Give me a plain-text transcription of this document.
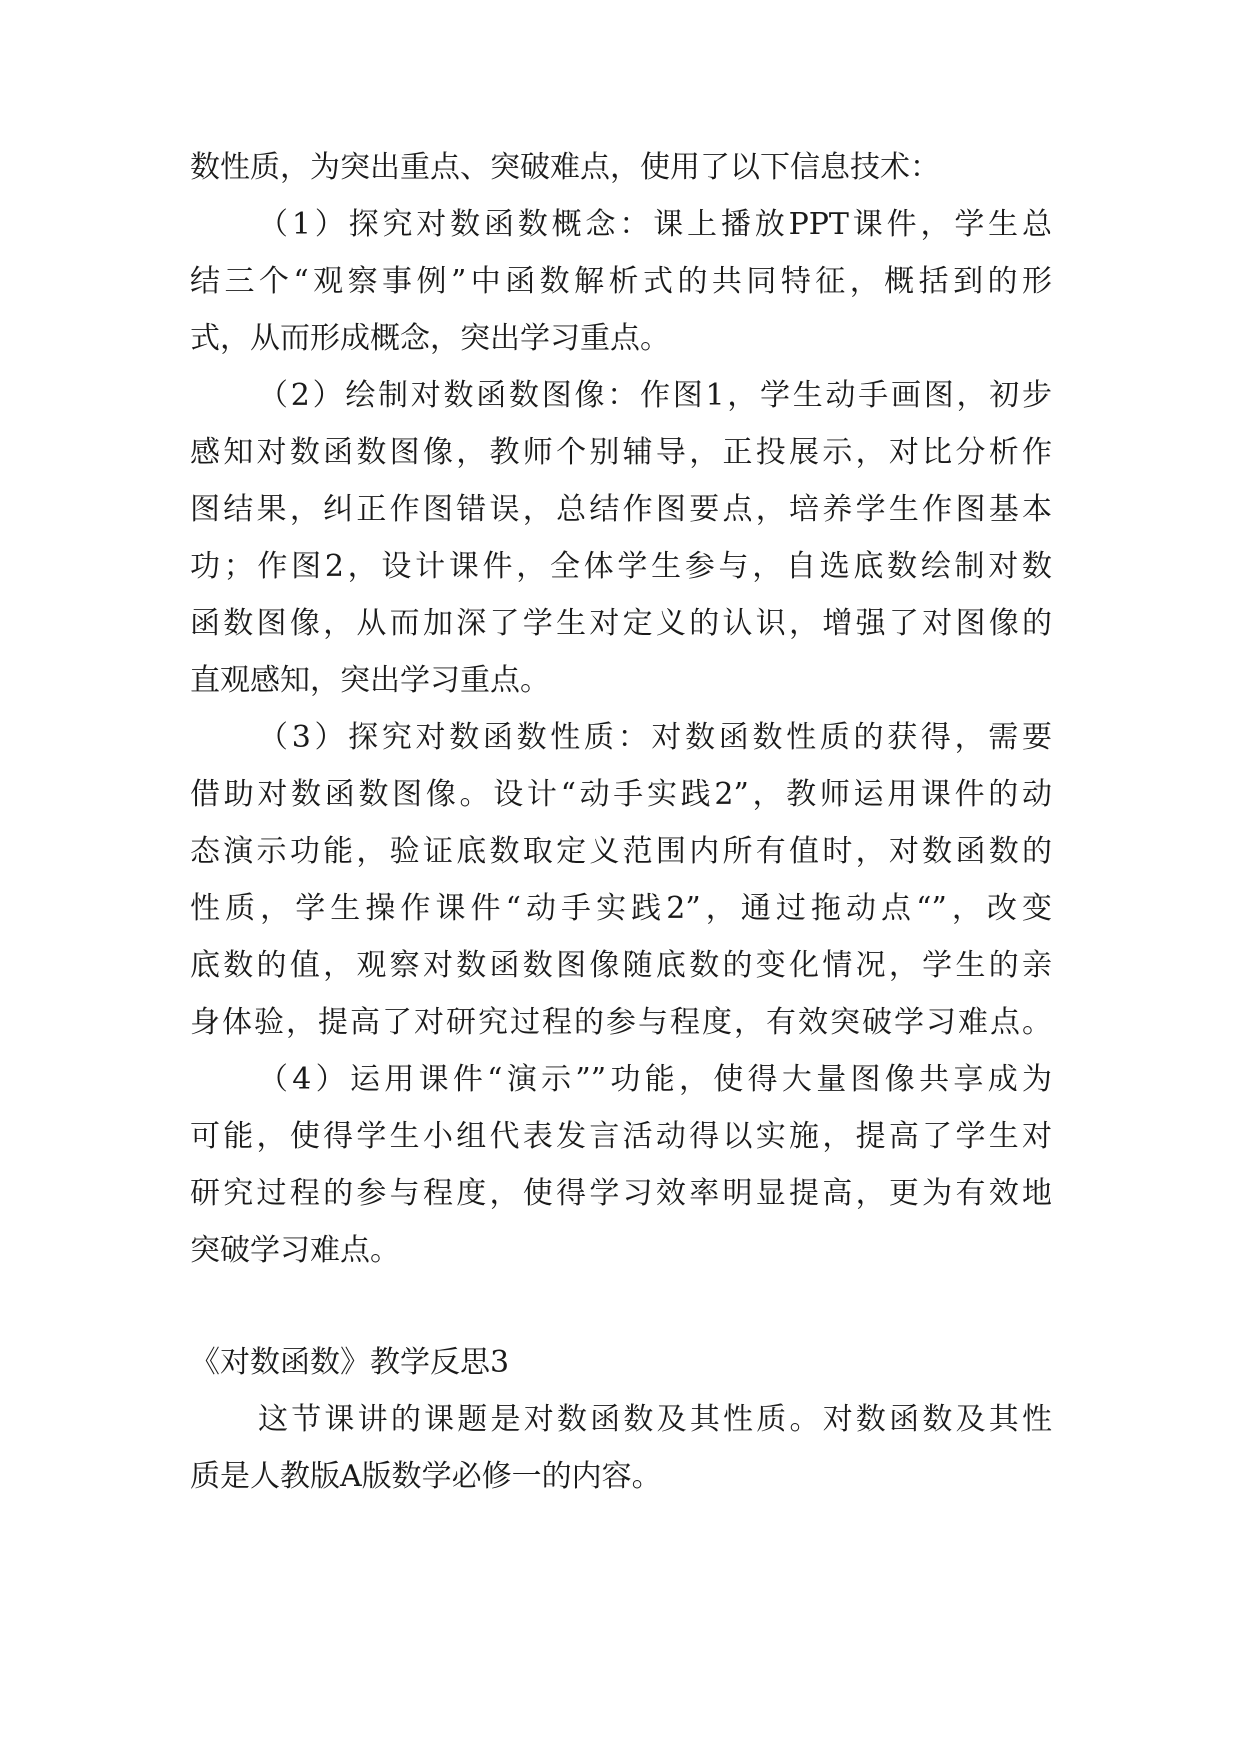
数性质，为突出重点、突破难点，使用了以下信息技术：
（1）探究对数函数概念：课上播放PPT课件，学生总
结三个“观察事例”中函数解析式的共同特征，概括到的形
式，从而形成概念，突出学习重点。
（2）绘制对数函数图像：作图1，学生动手画图，初步
感知对数函数图像，教师个别辅导，正投展示，对比分析作
图结果，纠正作图错误，总结作图要点，培养学生作图基本
功；作图2，设计课件，全体学生参与，自选底数绘制对数
函数图像，从而加深了学生对定义的认识，增强了对图像的
直观感知，突出学习重点。
（3）探究对数函数性质：对数函数性质的获得，需要
借助对数函数图像。设计“动手实践2”，教师运用课件的动
态演示功能，验证底数取定义范围内所有值时，对数函数的
性质，学生操作课件“动手实践2”，通过拖动点“”，改变
底数的值，观察对数函数图像随底数的变化情况，学生的亲
身体验，提高了对研究过程的参与程度，有效突破学习难点。
（4）运用课件“演示””功能，使得大量图像共享成为
可能，使得学生小组代表发言活动得以实施，提高了学生对
研究过程的参与程度，使得学习效率明显提高，更为有效地
突破学习难点。
《对数函数》教学反思3
这节课讲的课题是对数函数及其性质。对数函数及其性
质是人教版A版数学必修一的内容。
